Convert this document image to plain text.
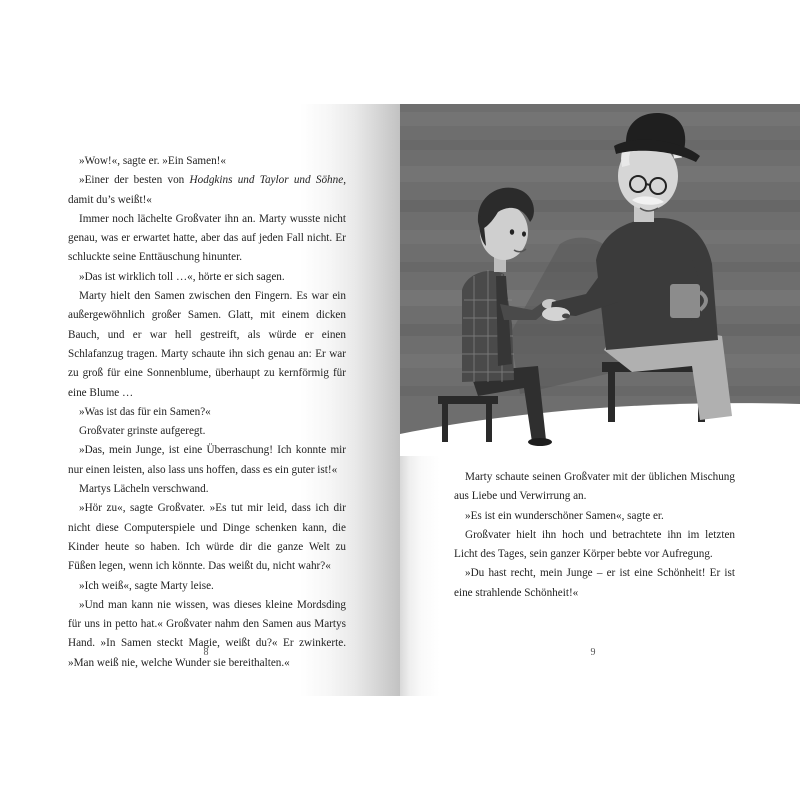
»Wow!«, sagte er. »Ein Samen!«

»Einer der besten von Hodgkins und Taylor und Söhne, damit du’s weißt!«

Immer noch lächelte Großvater ihn an. Marty wusste nicht genau, was er erwartet hatte, aber das auf jeden Fall nicht. Er schluckte seine Enttäuschung hinunter.

»Das ist wirklich toll …«, hörte er sich sagen.

Marty hielt den Samen zwischen den Fingern. Es war ein außergewöhnlich großer Samen. Glatt, mit einem dicken Bauch, und er war hell gestreift, als würde er einen Schlafanzug tragen. Marty schaute ihn sich genau an: Er war zu groß für eine Sonnenblume, überhaupt zu kernförmig für eine Blume …

»Was ist das für ein Samen?«

Großvater grinste aufgeregt.

»Das, mein Junge, ist eine Überraschung! Ich konnte mir nur einen leisten, also lass uns hoffen, dass es ein guter ist!«

Martys Lächeln verschwand.

»Hör zu«, sagte Großvater. »Es tut mir leid, dass ich dir nicht diese Computerspiele und Dinge schenken kann, die Kinder heute so haben. Ich würde dir die ganze Welt zu Füßen legen, wenn ich könnte. Das weißt du, nicht wahr?«

»Ich weiß«, sagte Marty leise.

»Und man kann nie wissen, was dieses kleine Mordsding für uns in petto hat.« Großvater nahm den Samen aus Martys Hand. »In Samen steckt Magie, weißt du?« Er zwinkerte. »Man weiß nie, welche Wunder sie bereithalten.«

8

Marty schaute seinen Großvater mit der üblichen Mischung aus Liebe und Verwirrung an.

»Es ist ein wunderschöner Samen«, sagte er.

Großvater hielt ihn hoch und betrachtete ihn im letzten Licht des Tages, sein ganzer Körper bebte vor Aufregung.

»Du hast recht, mein Junge – er ist eine Schönheit! Er ist eine strahlende Schönheit!«

9
